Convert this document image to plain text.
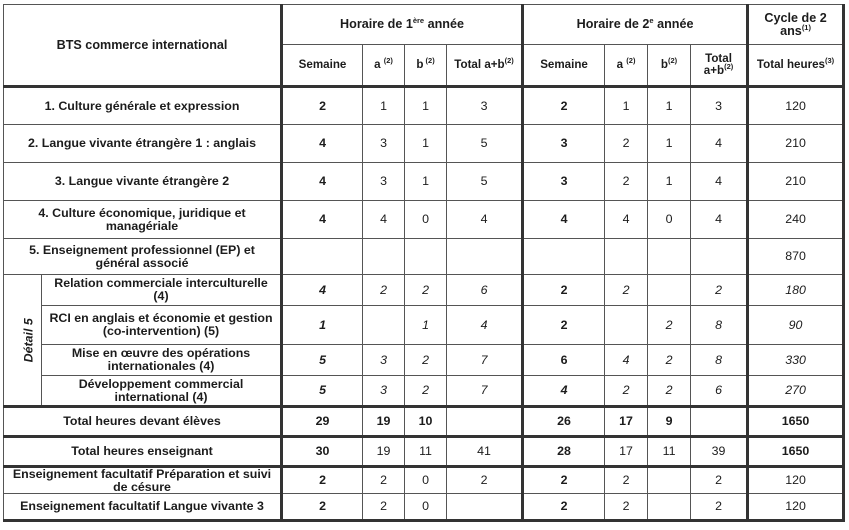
BTS commerce international		Horaire de 1ère année				Horaire de 2e année				Cycle de 2 ans$^{(1)}$
		Semaine	a $^{(2)}$	b $^{(2)}$	Total $a+b^{(2)}$	Semaine	a $^{(2)}$	$b^{(2)}$	Total $a+b^{(2)}$	Total heures$^{(3)}$
1. Culture générale et expression		2	1	1	3	2	1	1	3	120
2. Langue vivante étrangère 1 : anglais		4	3	1	5	3	2	1	4	210
3. Langue vivante étrangère 2		4	3	1	5	3	2	1	4	210
4. Culture économique, juridique et managériale		4	4	0	4	4	4	0	4	240
5. Enseignement professionnel (EP) et général associé										870
Détail 5	Relation commerciale interculturelle (4)	4	2	2	6	2	2		2	180
	RCI en anglais et économie et gestion (co-intervention) (5)	1		1	4	2		2	8	90
	Mise en œuvre des opérations internationales (4)	5	3	2	7	6	4	2	8	330
	Développement commercial international (4)	5	3	2	7	4	2	2	6	270
Total heures devant élèves		29	19	10		26	17	9		1650
Total heures enseignant		30	19	11	41	28	17	11	39	1650
Enseignement facultatif Préparation et suivi de césure		2	2	0	2	2	2		2	120
Enseignement facultatif Langue vivante 3		2	2	0		2	2		2	120
